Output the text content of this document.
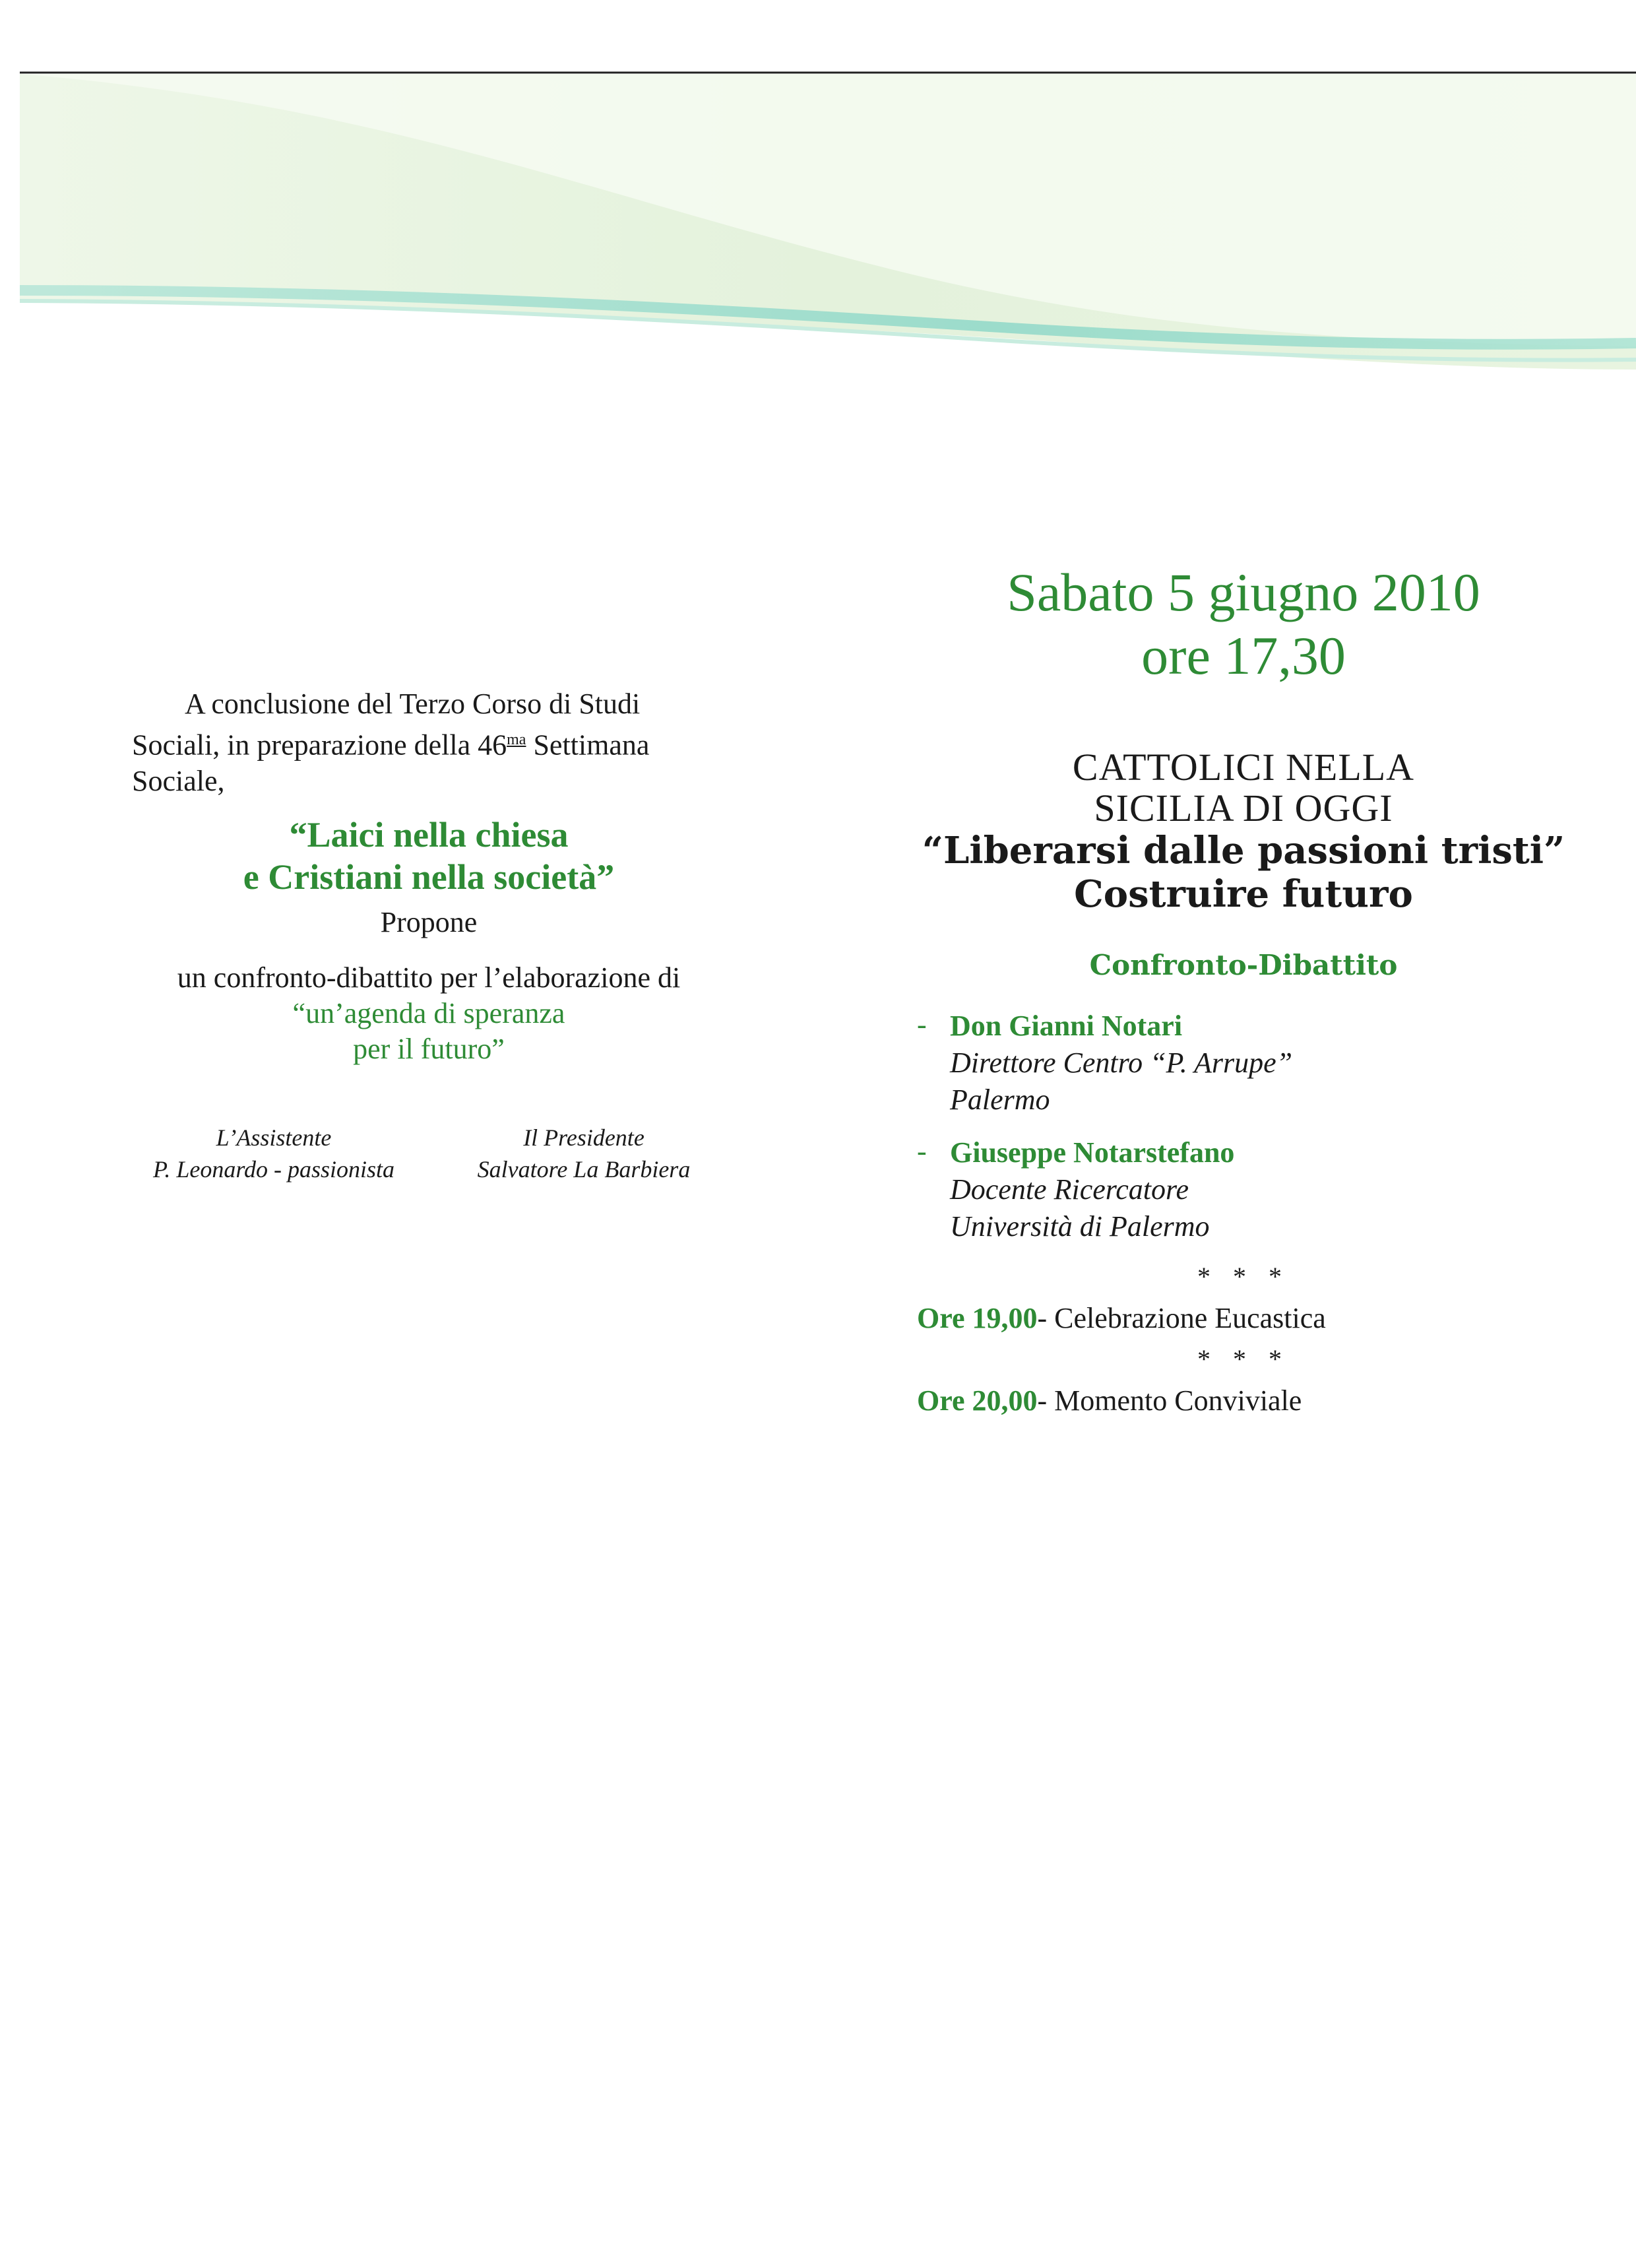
A conclusione del Terzo Corso di Studi
Sociali, in preparazione della $46^{ma}$ Settimana
Sociale,
“Laici nella chiesa
e Cristiani nella società”
Propone
un confronto-dibattito per l’elaborazione di
“un’agenda di speranza
per il futuro”
L’Assistente
P. Leonardo - passionista
Il Presidente
Salvatore La Barbiera
Sabato 5 giugno 2010
ore 17,30
CATTOLICI NELLA
SICILIA DI OGGI
“Liberarsi dalle passioni tristi”
Costruire futuro
Confronto-Dibattito
- Don Gianni Notari
Direttore Centro “P. Arrupe”
Palermo
- Giuseppe Notarstefano
Docente Ricercatore
Università di Palermo
* * *
Ore 19,00- Celebrazione Eucastica
* * *
Ore 20,00- Momento Conviviale
